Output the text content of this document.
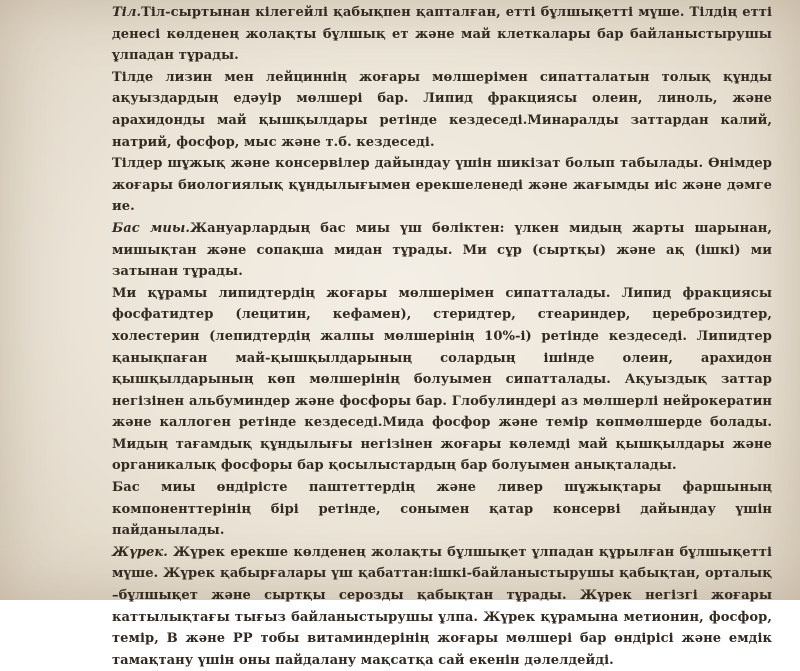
Тіл.Тіл-сыртынан кілегейлі қабықпен қапталған, етті бұлшықетті мүше. Тілдің етті денесі көлденең жолақты бұлшық ет және май клеткалары бар байланыстырушы ұлпадан тұрады.

Тілде лизин мен лейциннің жоғары мөлшерімен сипатталатын толық құнды ақуыздардың едәуір мөлшері бар. Липид фракциясы олеин, линоль, және арахидонды май қышқылдары ретінде кездеседі.Минаралды заттардан калий, натрий, фосфор, мыс және т.б. кездеседі.

Тілдер шұжық және консервілер дайындау үшін шикізат болып табылады. Өнімдер жоғары биологиялық құндылығымен ерекшеленеді және жағымды иіс және дәмге ие.

Бас миы.Жануарлардың бас миы үш бөліктен: үлкен мидың жарты шарынан, мишықтан және сопақша мидан тұрады. Ми сұр (сыртқы) және ақ (ішкі) ми затынан тұрады.

Ми құрамы липидтердің жоғары мөлшерімен сипатталады. Липид фракциясы фосфатидтер (лецитин, кефамен), стеридтер, стеариндер, цереброзидтер, холестерин (лепидтердің жалпы мөлшерінің 10%-і) ретінде кездеседі. Липидтер қанықпаған май-қышқылдарының солардың ішінде олеин, арахидон қышқылдарының көп мөлшерінің болуымен сипатталады. Ақуыздық заттар негізінен альбуминдер және фосфоры бар. Глобулиндері аз мөлшерлі нейрокератин және каллоген ретінде кездеседі.Мида фосфор және темір көпмөлшерде болады. Мидың тағамдық құндылығы негізінен жоғары көлемді май қышқылдары және органикалық фосфоры бар қосылыстардың бар болуымен анықталады.

Бас миы өндірісте паштеттердің және ливер шұжықтары фаршының компоненттерінің бірі ретінде, сонымен қатар консерві дайындау үшін пайданылады.

Жүрек. Жүрек ерекше көлденең жолақты бұлшықет ұлпадан құрылған бұлшықетті мүше. Жүрек қабырғалары үш қабаттан:ішкі-байланыстырушы қабықтан, орталық –бұлшықет және сыртқы серозды қабықтан тұрады. Жүрек негізгі жоғары каттылықтағы тығыз байланыстырушы ұлпа. Жүрек құрамына метионин, фосфор, темір, В және РР тобы витаминдерінің жоғары мөлшері бар өндірісі және емдік тамақтану үшін оны пайдалану мақсатқа сай екенін дәлелдейді.
